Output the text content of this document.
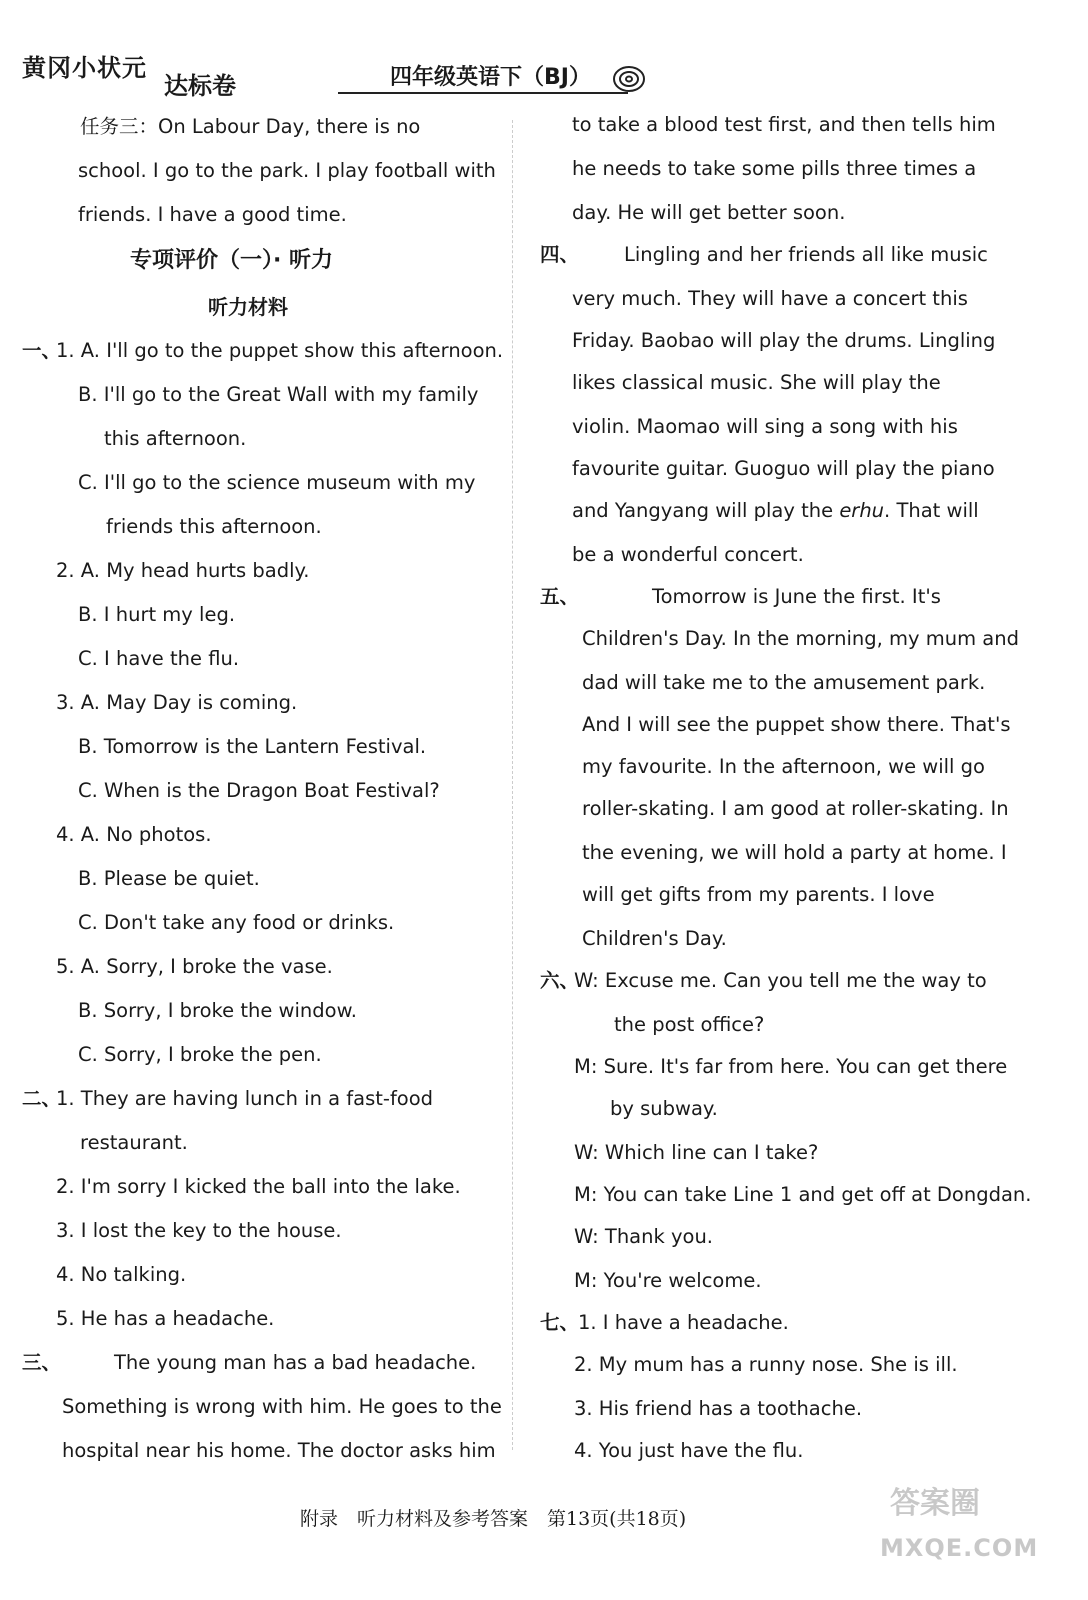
黄冈小状元
达标卷	四年级英语下（BJ）
任务三：On Labour Day, there is no
school. I go to the park. I play football with
friends. I have a good time.
专项评价（一）· 听力
听力材料
一、
1. A. I'll go to the puppet show this afternoon.
B. I'll go to the Great Wall with my family
this afternoon.
C. I'll go to the science museum with my
friends this afternoon.
2. A. My head hurts badly.
B. I hurt my leg.
C. I have the flu.
3. A. May Day is coming.
B. Tomorrow is the Lantern Festival.
C. When is the Dragon Boat Festival?
4. A. No photos.
B. Please be quiet.
C. Don't take any food or drinks.
5. A. Sorry, I broke the vase.
B. Sorry, I broke the window.
C. Sorry, I broke the pen.
二、
1. They are having lunch in a fast-food
restaurant.
2. I'm sorry I kicked the ball into the lake.
3. I lost the key to the house.
4. No talking.
5. He has a headache.
三、	The young man has a bad headache.
Something is wrong with him. He goes to the
hospital near his home. The doctor asks him
to take a blood test first, and then tells him
he needs to take some pills three times a
day. He will get better soon.
四、 Lingling and her friends all like music
very much. They will have a concert this
Friday. Baobao will play the drums. Lingling
likes classical music. She will play the
violin. Maomao will sing a song with his
favourite guitar. Guoguo will play the piano
and Yangyang will play the erhu. That will
be a wonderful concert.
五、	Tomorrow is June the first. It's
Children's Day. In the morning, my mum and
dad will take me to the amusement park.
And I will see the puppet show there. That's
my favourite. In the afternoon, we will go
roller-skating. I am good at roller-skating. In
the evening, we will hold a party at home. I
will get gifts from my parents. I love
Children's Day.
六、
W: Excuse me. Can you tell me the way to
the post office?
M: Sure. It's far from here. You can get there
by subway.
W: Which line can I take?
M: You can take Line 1 and get off at Dongdan.
W: Thank you.
M: You're welcome.
七、
1. I have a headache.
2. My mum has a runny nose. She is ill.
3. His friend has a toothache.
4. You just have the flu.
附录　听力材料及参考答案　第13页(共18页)	答案圈
MXQE.COM
